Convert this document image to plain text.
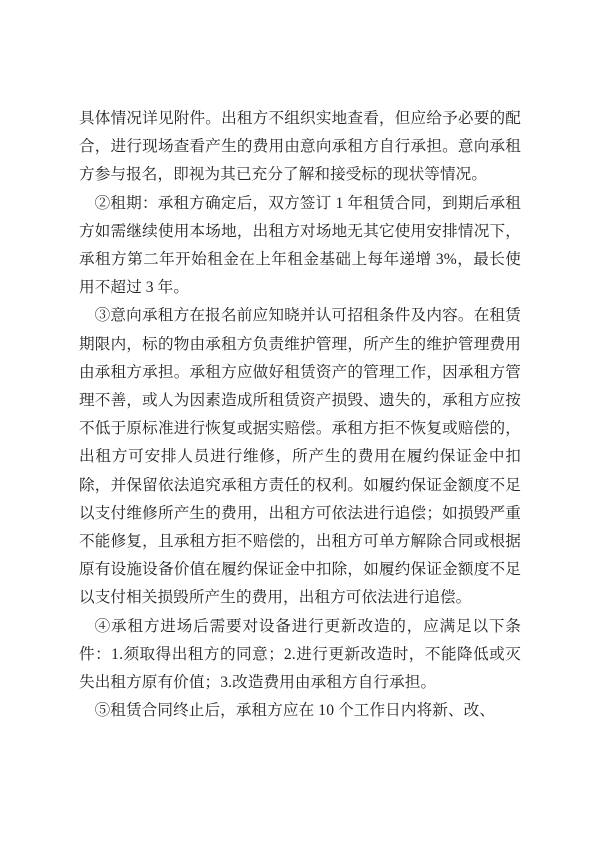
具体情况详见附件。出租方不组织实地查看，但应给予必要的配合，进行现场查看产生的费用由意向承租方自行承担。意向承租方参与报名，即视为其已充分了解和接受标的现状等情况。

②租期：承租方确定后，双方签订 1 年租赁合同，到期后承租方如需继续使用本场地，出租方对场地无其它使用安排情况下，承租方第二年开始租金在上年租金基础上每年递增 3%，最长使用不超过 3 年。

③意向承租方在报名前应知晓并认可招租条件及内容。在租赁期限内，标的物由承租方负责维护管理，所产生的维护管理费用由承租方承担。承租方应做好租赁资产的管理工作，因承租方管理不善，或人为因素造成所租赁资产损毁、遗失的，承租方应按不低于原标准进行恢复或据实赔偿。承租方拒不恢复或赔偿的，出租方可安排人员进行维修，所产生的费用在履约保证金中扣除，并保留依法追究承租方责任的权利。如履约保证金额度不足以支付维修所产生的费用，出租方可依法进行追偿；如损毁严重不能修复，且承租方拒不赔偿的，出租方可单方解除合同或根据原有设施设备价值在履约保证金中扣除，如履约保证金额度不足以支付相关损毁所产生的费用，出租方可依法进行追偿。

④承租方进场后需要对设备进行更新改造的，应满足以下条件：1.须取得出租方的同意；2.进行更新改造时，不能降低或灭失出租方原有价值；3.改造费用由承租方自行承担。

⑤租赁合同终止后，承租方应在 10 个工作日内将新、改、
